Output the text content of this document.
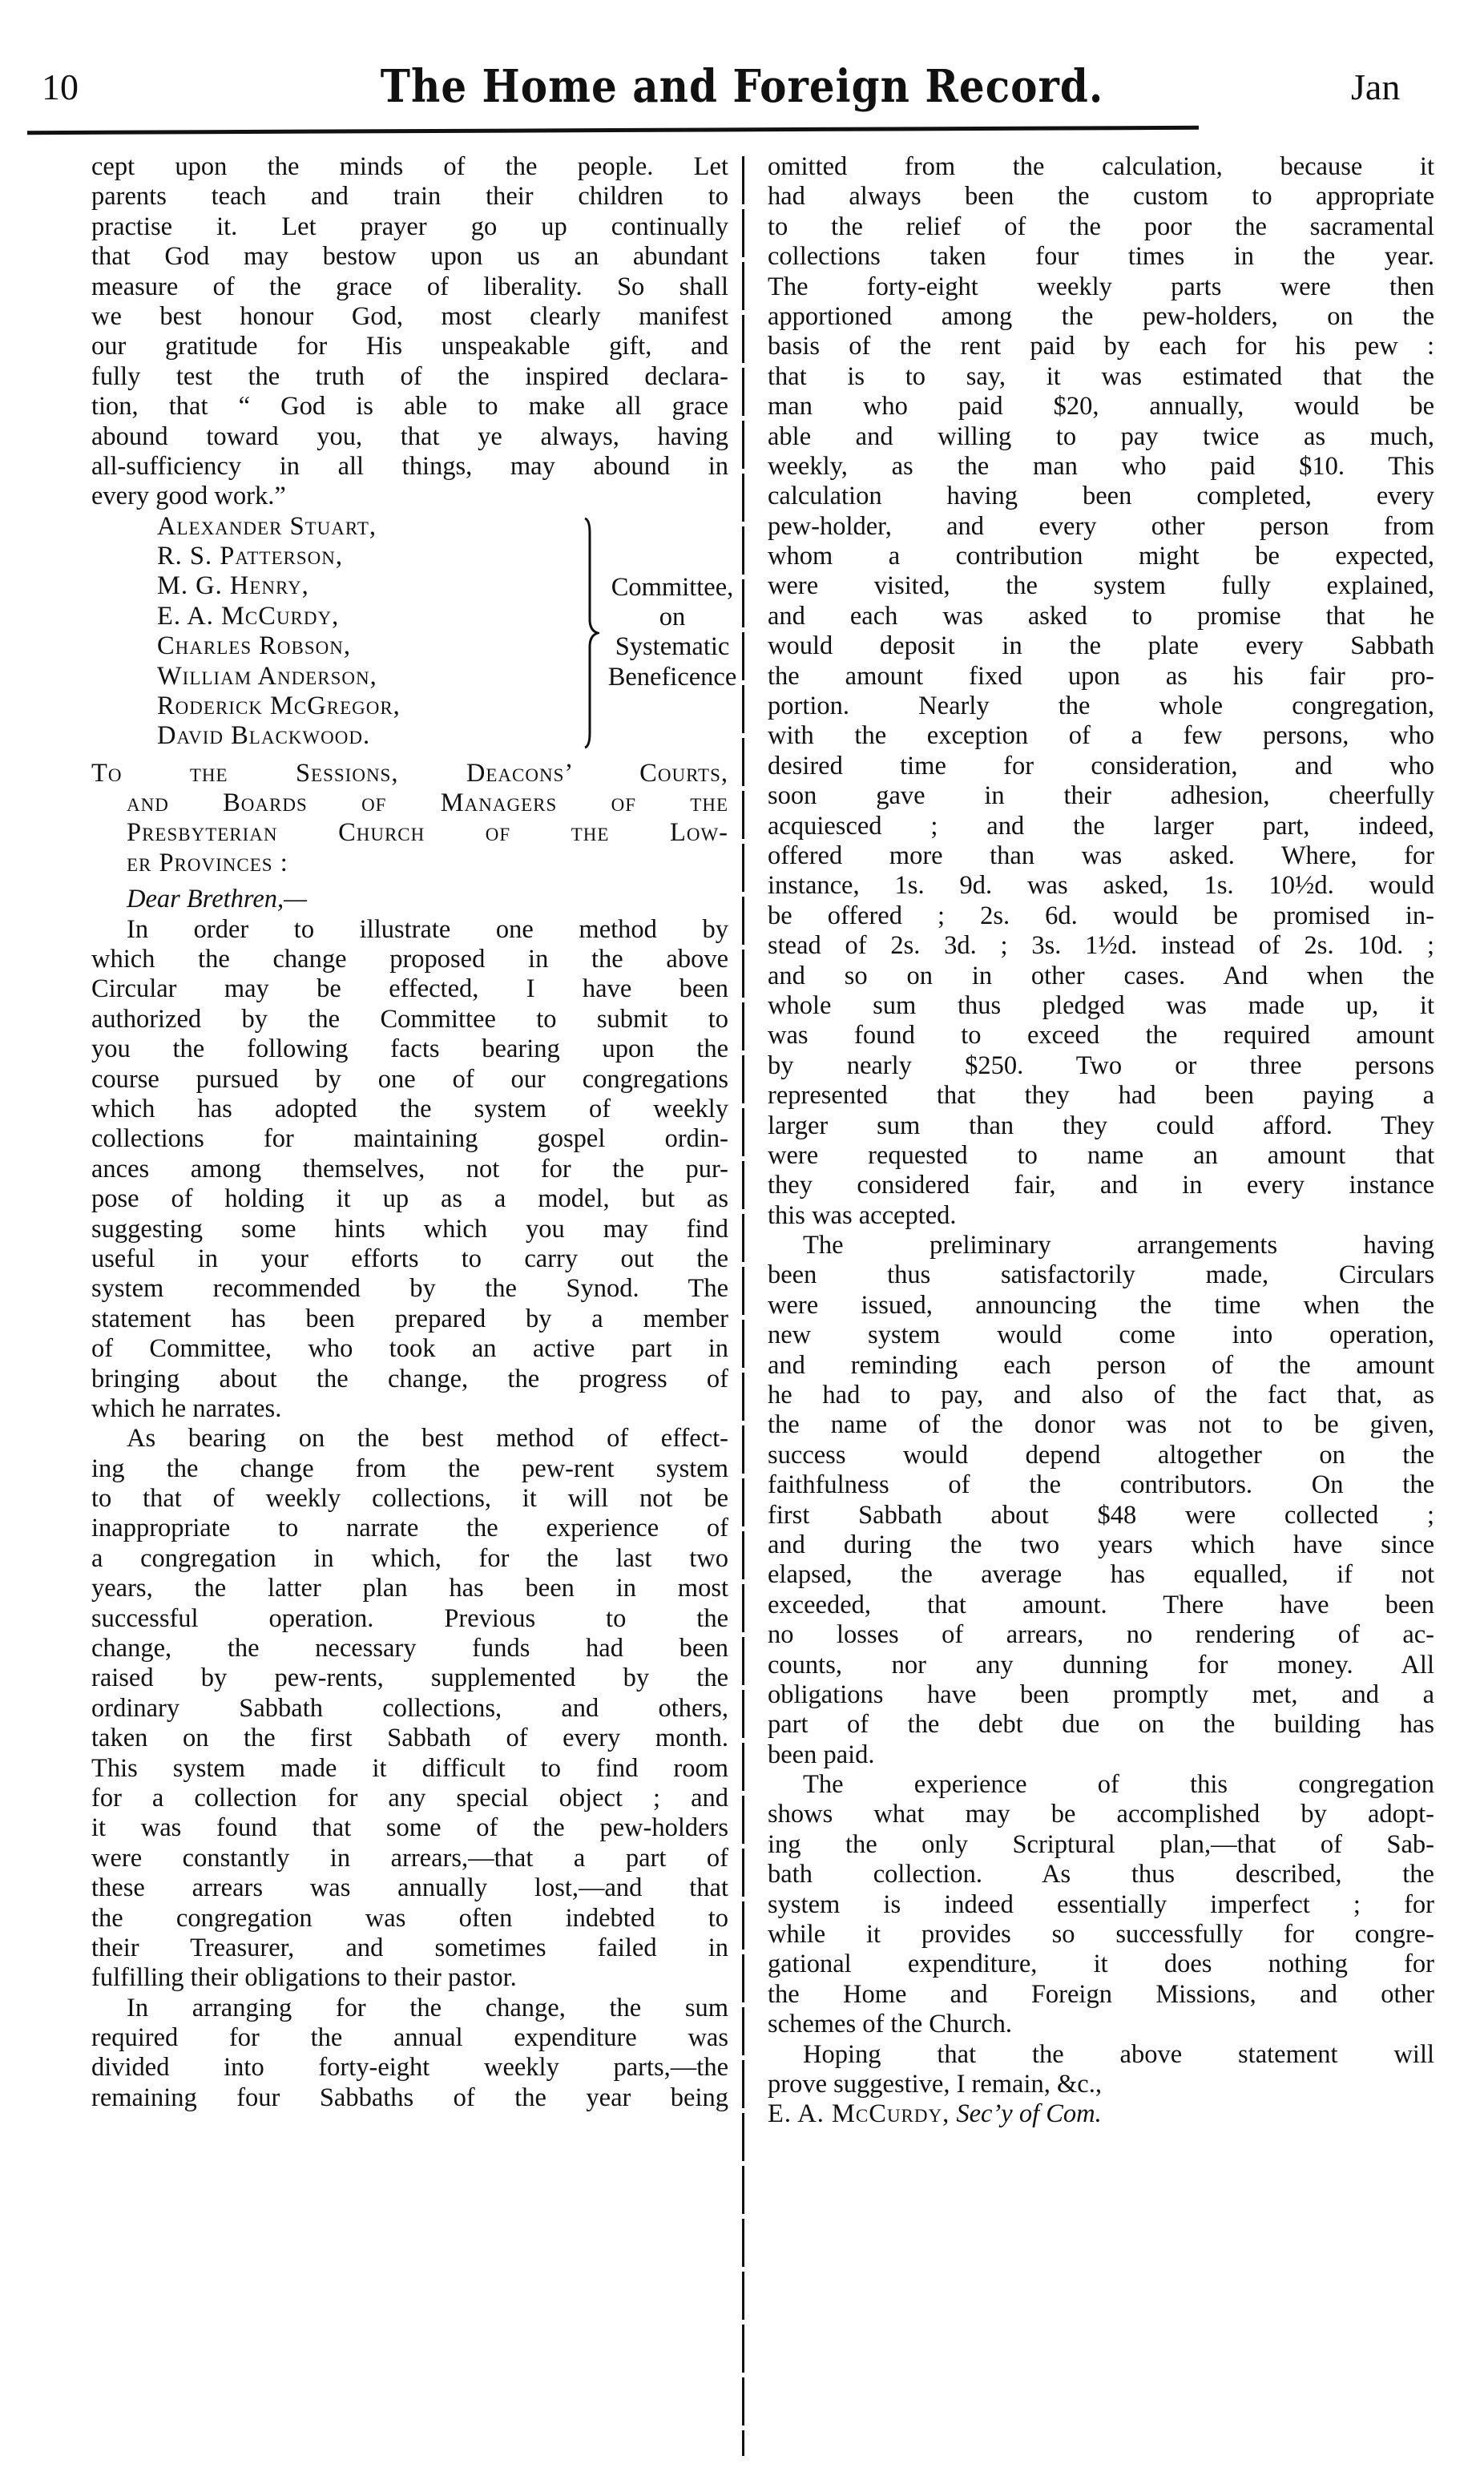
10	The Home and Foreign Record.	Jan

cept upon the minds of the people. Let
parents teach and train their children to
practise it. Let prayer go up continually
that God may bestow upon us an abundant
measure of the grace of liberality. So shall
we best honour God, most clearly manifest
our gratitude for His unspeakable gift, and
fully test the truth of the inspired declara-
tion, that “ God is able to make all grace
abound toward you, that ye always, having
all-sufficiency in all things, may abound in
every good work.”

Alexander Stuart,
R. S. Patterson,
M. G. Henry,
E. A. McCurdy,
Charles Robson,
William Anderson,
Roderick McGregor,
David Blackwood.
Committee,
on
Systematic
Beneficence
To the Sessions, Deacons’ Courts,
and Boards of Managers of the
Presbyterian Church of the Low-
er Provinces :
Dear Brethren,—

In order to illustrate one method by
which the change proposed in the above
Circular may be effected, I have been
authorized by the Committee to submit to
you the following facts bearing upon the
course pursued by one of our congregations
which has adopted the system of weekly
collections for maintaining gospel ordin-
ances among themselves, not for the pur-
pose of holding it up as a model, but as
suggesting some hints which you may find
useful in your efforts to carry out the
system recommended by the Synod. The
statement has been prepared by a member
of Committee, who took an active part in
bringing about the change, the progress of
which he narrates.

As bearing on the best method of effect-
ing the change from the pew-rent system
to that of weekly collections, it will not be
inappropriate to narrate the experience of
a congregation in which, for the last two
years, the latter plan has been in most
successful operation. Previous to the
change, the necessary funds had been
raised by pew-rents, supplemented by the
ordinary Sabbath collections, and others,
taken on the first Sabbath of every month.
This system made it difficult to find room
for a collection for any special object ; and
it was found that some of the pew-holders
were constantly in arrears,—that a part of
these arrears was annually lost,—and that
the congregation was often indebted to
their Treasurer, and sometimes failed in
fulfilling their obligations to their pastor.

In arranging for the change, the sum
required for the annual expenditure was
divided into forty-eight weekly parts,—the
remaining four Sabbaths of the year being

omitted from the calculation, because it
had always been the custom to appropriate
to the relief of the poor the sacramental
collections taken four times in the year.
The forty-eight weekly parts were then
apportioned among the pew-holders, on the
basis of the rent paid by each for his pew :
that is to say, it was estimated that the
man who paid $20, annually, would be
able and willing to pay twice as much,
weekly, as the man who paid $10. This
calculation having been completed, every
pew-holder, and every other person from
whom a contribution might be expected,
were visited, the system fully explained,
and each was asked to promise that he
would deposit in the plate every Sabbath
the amount fixed upon as his fair pro-
portion. Nearly the whole congregation,
with the exception of a few persons, who
desired time for consideration, and who
soon gave in their adhesion, cheerfully
acquiesced ; and the larger part, indeed,
offered more than was asked. Where, for
instance, 1s. 9d. was asked, 1s. 10½d. would
be offered ; 2s. 6d. would be promised in-
stead of 2s. 3d. ; 3s. 1½d. instead of 2s. 10d. ;
and so on in other cases. And when the
whole sum thus pledged was made up, it
was found to exceed the required amount
by nearly $250. Two or three persons
represented that they had been paying a
larger sum than they could afford. They
were requested to name an amount that
they considered fair, and in every instance
this was accepted.

The preliminary arrangements having
been thus satisfactorily made, Circulars
were issued, announcing the time when the
new system would come into operation,
and reminding each person of the amount
he had to pay, and also of the fact that, as
the name of the donor was not to be given,
success would depend altogether on the
faithfulness of the contributors. On the
first Sabbath about $48 were collected ;
and during the two years which have since
elapsed, the average has equalled, if not
exceeded, that amount. There have been
no losses of arrears, no rendering of ac-
counts, nor any dunning for money. All
obligations have been promptly met, and a
part of the debt due on the building has
been paid.

The experience of this congregation
shows what may be accomplished by adopt-
ing the only Scriptural plan,—that of Sab-
bath collection. As thus described, the
system is indeed essentially imperfect ; for
while it provides so successfully for congre-
gational expenditure, it does nothing for
the Home and Foreign Missions, and other
schemes of the Church.

Hoping that the above statement will
prove suggestive, I remain, &c.,

E. A. McCurdy, Sec’y of Com.
